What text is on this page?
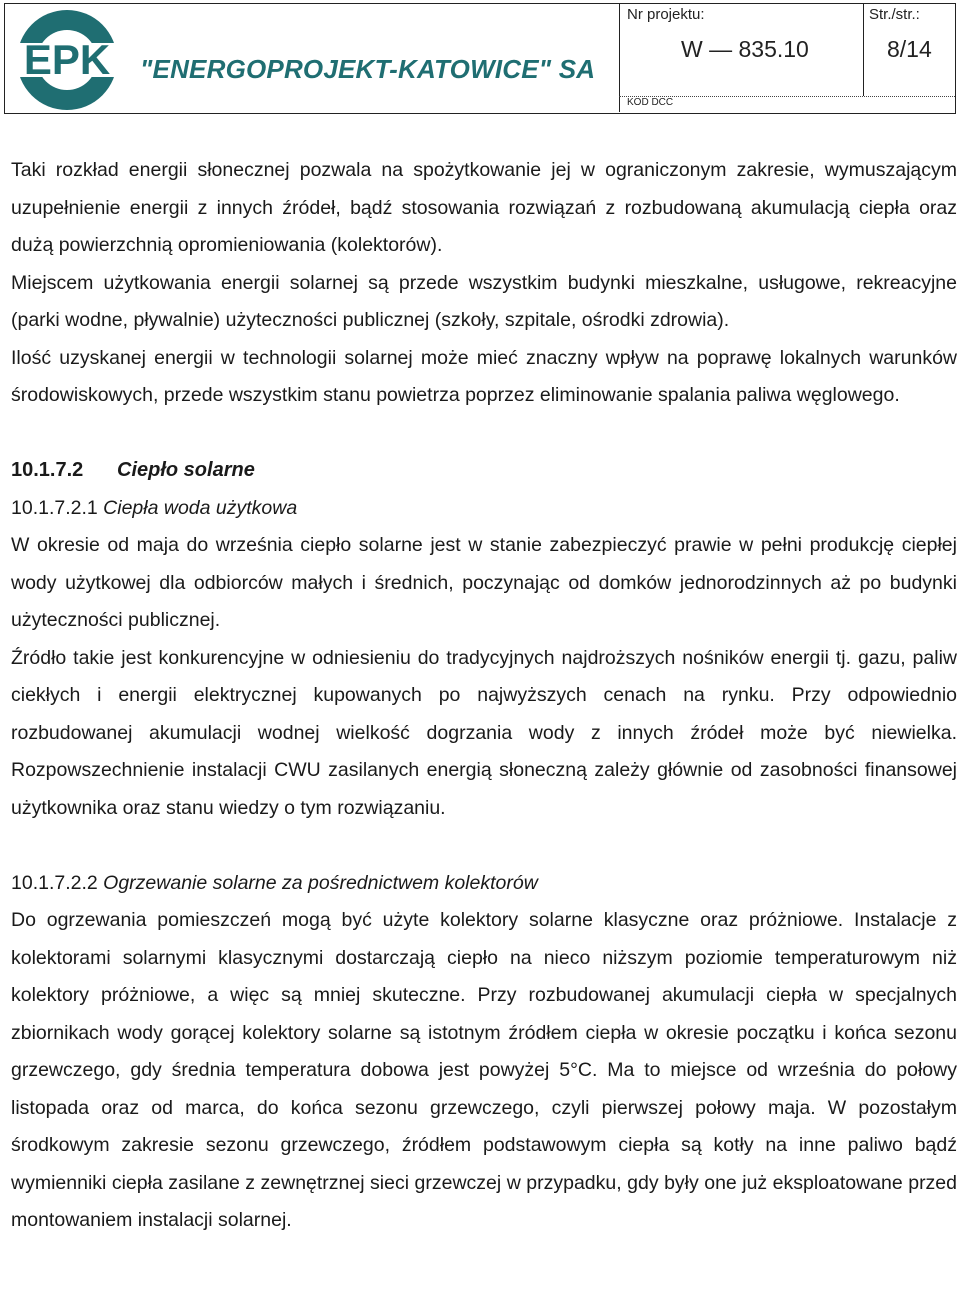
EPK "ENERGOPROJEKT-KATOWICE" SA
Nr projektu:
W — 835.10
Str./str.:
8/14
KOD DCC

Taki rozkład energii słonecznej pozwala na spożytkowanie jej w ograniczonym zakresie, wymuszającym uzupełnienie energii z innych źródeł, bądź stosowania rozwiązań z rozbudowaną akumulacją ciepła oraz dużą powierzchnią opromieniowania (kolektorów).

Miejscem użytkowania energii solarnej są przede wszystkim budynki mieszkalne, usługowe, rekreacyjne (parki wodne, pływalnie) użyteczności publicznej (szkoły, szpitale, ośrodki zdrowia).

Ilość uzyskanej energii w technologii solarnej może mieć znaczny wpływ na poprawę lokalnych warunków środowiskowych, przede wszystkim stanu powietrza poprzez eliminowanie spalania paliwa węglowego.

10.1.7.2 Ciepło solarne

10.1.7.2.1 Ciepła woda użytkowa

W okresie od maja do września ciepło solarne jest w stanie zabezpieczyć prawie w pełni produkcję ciepłej wody użytkowej dla odbiorców małych i średnich, poczynając od domków jednorodzinnych aż po budynki użyteczności publicznej.

Źródło takie jest konkurencyjne w odniesieniu do tradycyjnych najdroższych nośników energii tj. gazu, paliw ciekłych i energii elektrycznej kupowanych po najwyższych cenach na rynku. Przy odpowiednio rozbudowanej akumulacji wodnej wielkość dogrzania wody z innych źródeł może być niewielka. Rozpowszechnienie instalacji CWU zasilanych energią słoneczną zależy głównie od zasobności finansowej użytkownika oraz stanu wiedzy o tym rozwiązaniu.

10.1.7.2.2 Ogrzewanie solarne za pośrednictwem kolektorów

Do ogrzewania pomieszczeń mogą być użyte kolektory solarne klasyczne oraz próżniowe. Instalacje z kolektorami solarnymi klasycznymi dostarczają ciepło na nieco niższym poziomie temperaturowym niż kolektory próżniowe, a więc są mniej skuteczne. Przy rozbudowanej akumulacji ciepła w specjalnych zbiornikach wody gorącej kolektory solarne są istotnym źródłem ciepła w okresie początku i końca sezonu grzewczego, gdy średnia temperatura dobowa jest powyżej 5°C. Ma to miejsce od września do połowy listopada oraz od marca, do końca sezonu grzewczego, czyli pierwszej połowy maja. W pozostałym środkowym zakresie sezonu grzewczego, źródłem podstawowym ciepła są kotły na inne paliwo bądź wymienniki ciepła zasilane z zewnętrznej sieci grzewczej w przypadku, gdy były one już eksploatowane przed montowaniem instalacji solarnej.
